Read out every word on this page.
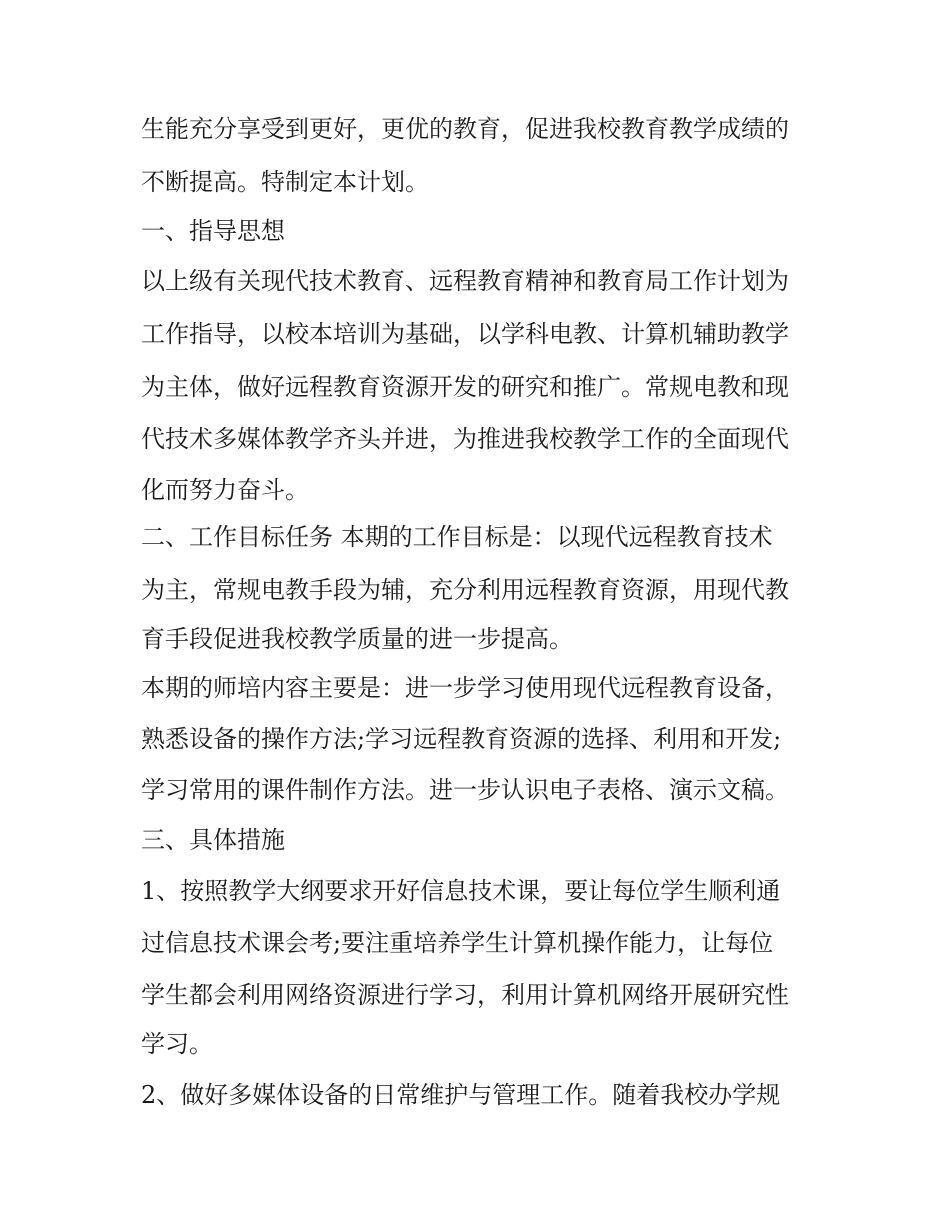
生能充分享受到更好，更优的教育，促进我校教育教学成绩的

不断提高。特制定本计划。

一、指导思想

以上级有关现代技术教育、远程教育精神和教育局工作计划为

工作指导，以校本培训为基础，以学科电教、计算机辅助教学

为主体，做好远程教育资源开发的研究和推广。常规电教和现

代技术多媒体教学齐头并进，为推进我校教学工作的全面现代

化而努力奋斗。

二、工作目标任务 本期的工作目标是：以现代远程教育技术

为主，常规电教手段为辅，充分利用远程教育资源，用现代教

育手段促进我校教学质量的进一步提高。

本期的师培内容主要是：进一步学习使用现代远程教育设备，

熟悉设备的操作方法;学习远程教育资源的选择、利用和开发;

学习常用的课件制作方法。进一步认识电子表格、演示文稿。

三、具体措施

1、按照教学大纲要求开好信息技术课，要让每位学生顺利通

过信息技术课会考;要注重培养学生计算机操作能力，让每位

学生都会利用网络资源进行学习，利用计算机网络开展研究性

学习。

2、做好多媒体设备的日常维护与管理工作。随着我校办学规
